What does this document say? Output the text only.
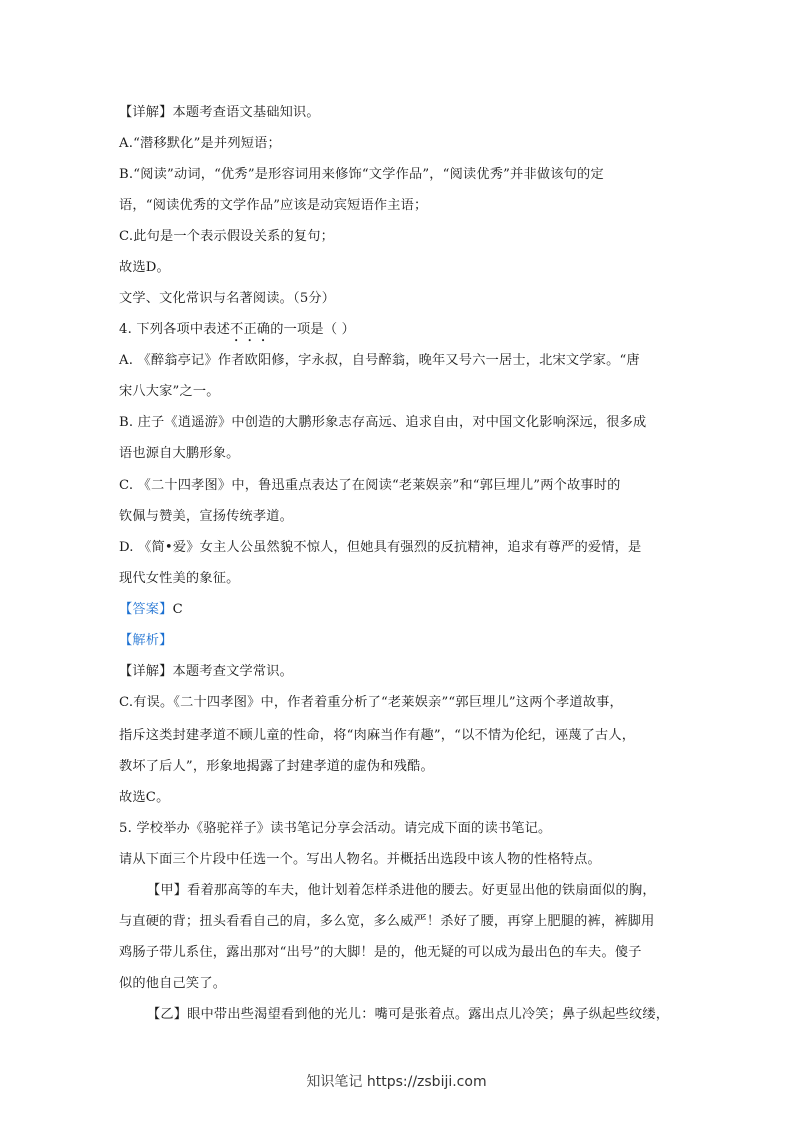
【详解】本题考查语文基础知识。
A.“潜移默化”是并列短语；
B.“阅读”动词，“优秀”是形容词用来修饰“文学作品”，“阅读优秀”并非做该句的定
语，“阅读优秀的文学作品”应该是动宾短语作主语；
C.此句是一个表示假设关系的复句；
故选D。
文学、文化常识与名著阅读。（5分）
4. 下列各项中表述不正确的一项是（ ）
A. 《醉翁亭记》作者欧阳修，字永叔，自号醉翁，晚年又号六一居士，北宋文学家。“唐
宋八大家”之一。
B. 庄子《逍遥游》中创造的大鹏形象志存高远、追求自由，对中国文化影响深远，很多成
语也源自大鹏形象。
C. 《二十四孝图》中，鲁迅重点表达了在阅读“老莱娱亲”和“郭巨埋儿”两个故事时的
钦佩与赞美，宣扬传统孝道。
D. 《简•爱》女主人公虽然貌不惊人，但她具有强烈的反抗精神，追求有尊严的爱情，是
现代女性美的象征。
【答案】C
【解析】
【详解】本题考查文学常识。
C.有误。《二十四孝图》中，作者着重分析了“老莱娱亲”“郭巨埋儿”这两个孝道故事，
指斥这类封建孝道不顾儿童的性命，将“肉麻当作有趣”，“以不情为伦纪，诬蔑了古人，
教坏了后人”，形象地揭露了封建孝道的虚伪和残酷。
故选C。
5. 学校举办《骆驼祥子》读书笔记分享会活动。请完成下面的读书笔记。
请从下面三个片段中任选一个。写出人物名。并概括出选段中该人物的性格特点。
【甲】看着那高等的车夫，他计划着怎样杀进他的腰去。好更显出他的铁扇面似的胸，
与直硬的背；扭头看看自己的肩，多么宽，多么威严！杀好了腰，再穿上肥腿的裤，裤脚用
鸡肠子带儿系住，露出那对“出号”的大脚！是的，他无疑的可以成为最出色的车夫。傻子
似的他自己笑了。
【乙】眼中带出些渴望看到他的光儿：嘴可是张着点。露出点儿冷笑；鼻子纵起些纹缕，
知识笔记 https://zsbiji.com
